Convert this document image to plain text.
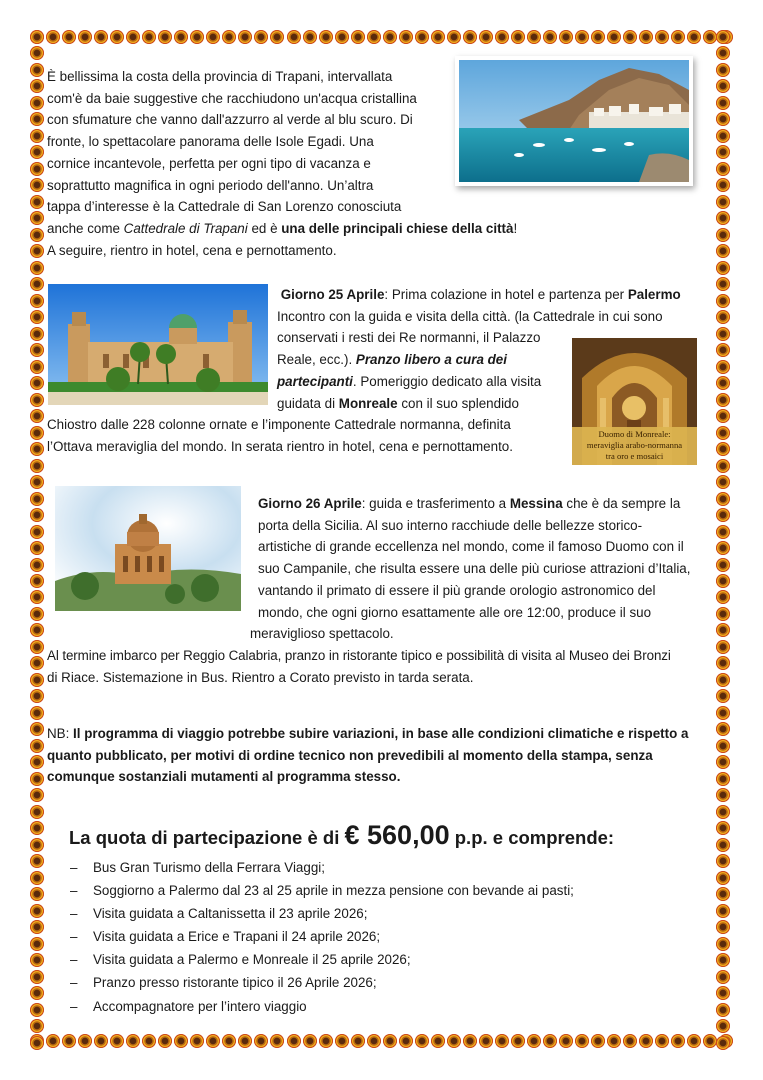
È bellissima la costa della provincia di Trapani, intervallata

com'è da baie suggestive che racchiudono un'acqua cristallina

con sfumature che vanno dall'azzurro al verde al blu scuro. Di

fronte, lo spettacolare panorama delle Isole Egadi. Una

cornice incantevole, perfetta per ogni tipo di vacanza e

soprattutto magnifica in ogni periodo dell'anno. Un’altra

tappa d’interesse è la Cattedrale di San Lorenzo conosciuta

anche come Cattedrale di Trapani ed è una delle principali chiese della città!

A seguire, rientro in hotel, cena e pernottamento.

Giorno 25 Aprile: Prima colazione in hotel e partenza per Palermo

Incontro con la guida e visita della città. (la Cattedrale in cui sono

conservati i resti dei Re normanni, il Palazzo

Reale, ecc.). Pranzo libero a cura dei

partecipanti. Pomeriggio dedicato alla visita

guidata di Monreale con il suo splendido

Chiostro dalle 228 colonne ornate e l’imponente Cattedrale normanna, definita

l’Ottava meraviglia del mondo. In serata rientro in hotel, cena e pernottamento.

Duomo di Monreale:
meraviglia arabo-normanna
tra oro e mosaici

Giorno 26 Aprile: guida e trasferimento a Messina che è da sempre la

porta della Sicilia. Al suo interno racchiude delle bellezze storico-

artistiche di grande eccellenza nel mondo, come il famoso Duomo con il

suo Campanile, che risulta essere una delle più curiose attrazioni d’Italia,

vantando il primato di essere il più grande orologio astronomico del

mondo, che ogni giorno esattamente alle ore 12:00, produce il suo

meraviglioso spettacolo.

Al termine imbarco per Reggio Calabria, pranzo in ristorante tipico e possibilità di visita al Museo dei Bronzi

di Riace. Sistemazione in Bus. Rientro a Corato previsto in tarda serata.

NB: Il programma di viaggio potrebbe subire variazioni, in base alle condizioni climatiche e rispetto a

quanto pubblicato, per motivi di ordine tecnico non prevedibili al momento della stampa, senza

comunque sostanziali mutamenti al programma stesso.

La quota di partecipazione è di € 560,00 p.p. e comprende:
–	Bus Gran Turismo della Ferrara Viaggi;
–	Soggiorno a Palermo dal 23 al 25 aprile in mezza pensione con bevande ai pasti;
–	Visita guidata a Caltanissetta il 23 aprile 2026;
–	Visita guidata a Erice e Trapani il 24 aprile 2026;
–	Visita guidata a Palermo e Monreale il 25 aprile 2026;
–	Pranzo presso ristorante tipico il 26 Aprile 2026;
–	Accompagnatore per l’intero viaggio
